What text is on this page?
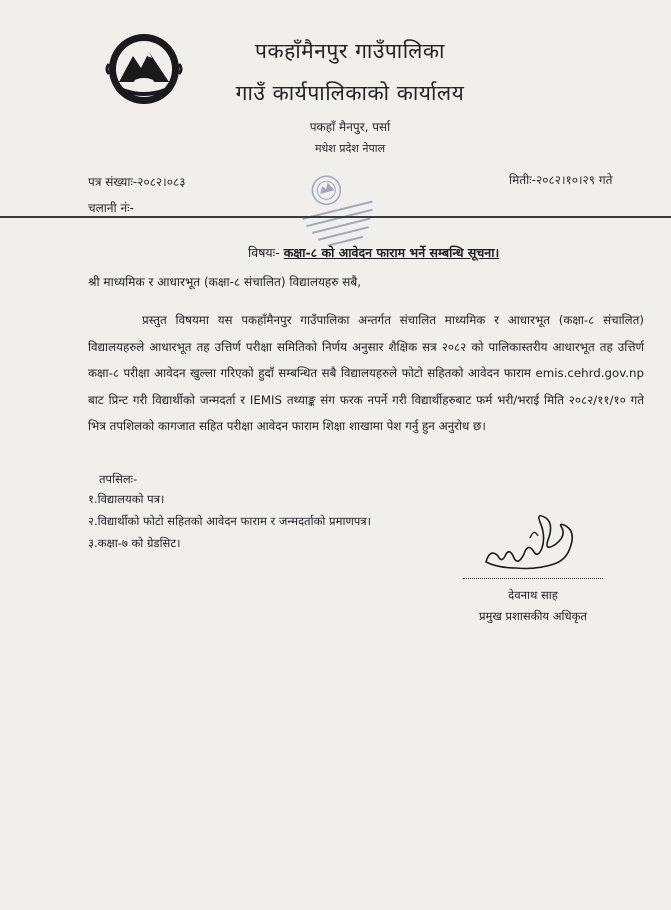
पकहाँमैनपुर गाउँपालिका
गाउँ कार्यपालिकाको कार्यालय
पकहाँ मैनपुर, पर्सा
मधेश प्रदेश नेपाल
पत्र संख्याः-२०८२।०८३
चलानी नंः-
मितीः-२०८२।१०।२९ गते
विषयः- कक्षा-८ को आवेदन फाराम भर्ने सम्बन्धि सूचना।
श्री माध्यमिक र आधारभूत (कक्षा-८ संचालित) विद्यालयहरु सबै,
प्रस्तुत विषयमा यस पकहाँमैनपुर गाउँपालिका अन्तर्गत संचालित माध्यमिक र आधारभूत (कक्षा-८ संचालित) विद्यालयहरुले आधारभूत तह उत्तिर्ण परीक्षा समितिको निर्णय अनुसार शैक्षिक सत्र २०८२ को पालिकास्तरीय आधारभूत तह उत्तिर्ण कक्षा-८ परीक्षा आवेदन खुल्ला गरिएको हुदाँ सम्बन्धित सबै विद्यालयहरुले फोटो सहितको आवेदन फाराम emis.cehrd.gov.np बाट प्रिन्ट गरी विद्यार्थीको जन्मदर्ता र IEMIS तथ्याङ्क संग फरक नपर्ने गरी विद्यार्थीहरुबाट फर्म भरी/भराई मिति २०८२/११/१० गते भित्र तपशिलको कागजात सहित परीक्षा आवेदन फाराम शिक्षा शाखामा पेश गर्नु हुन अनुरोध छ।
तपसिलः-
१.विद्यालयको पत्र।
२.विद्यार्थीको फोटो सहितको आवेदन फाराम र जन्मदर्ताको प्रमाणपत्र।
३.कक्षा-७ को ग्रेडसिट।
देवनाथ साह
प्रमुख प्रशासकीय अधिकृत
